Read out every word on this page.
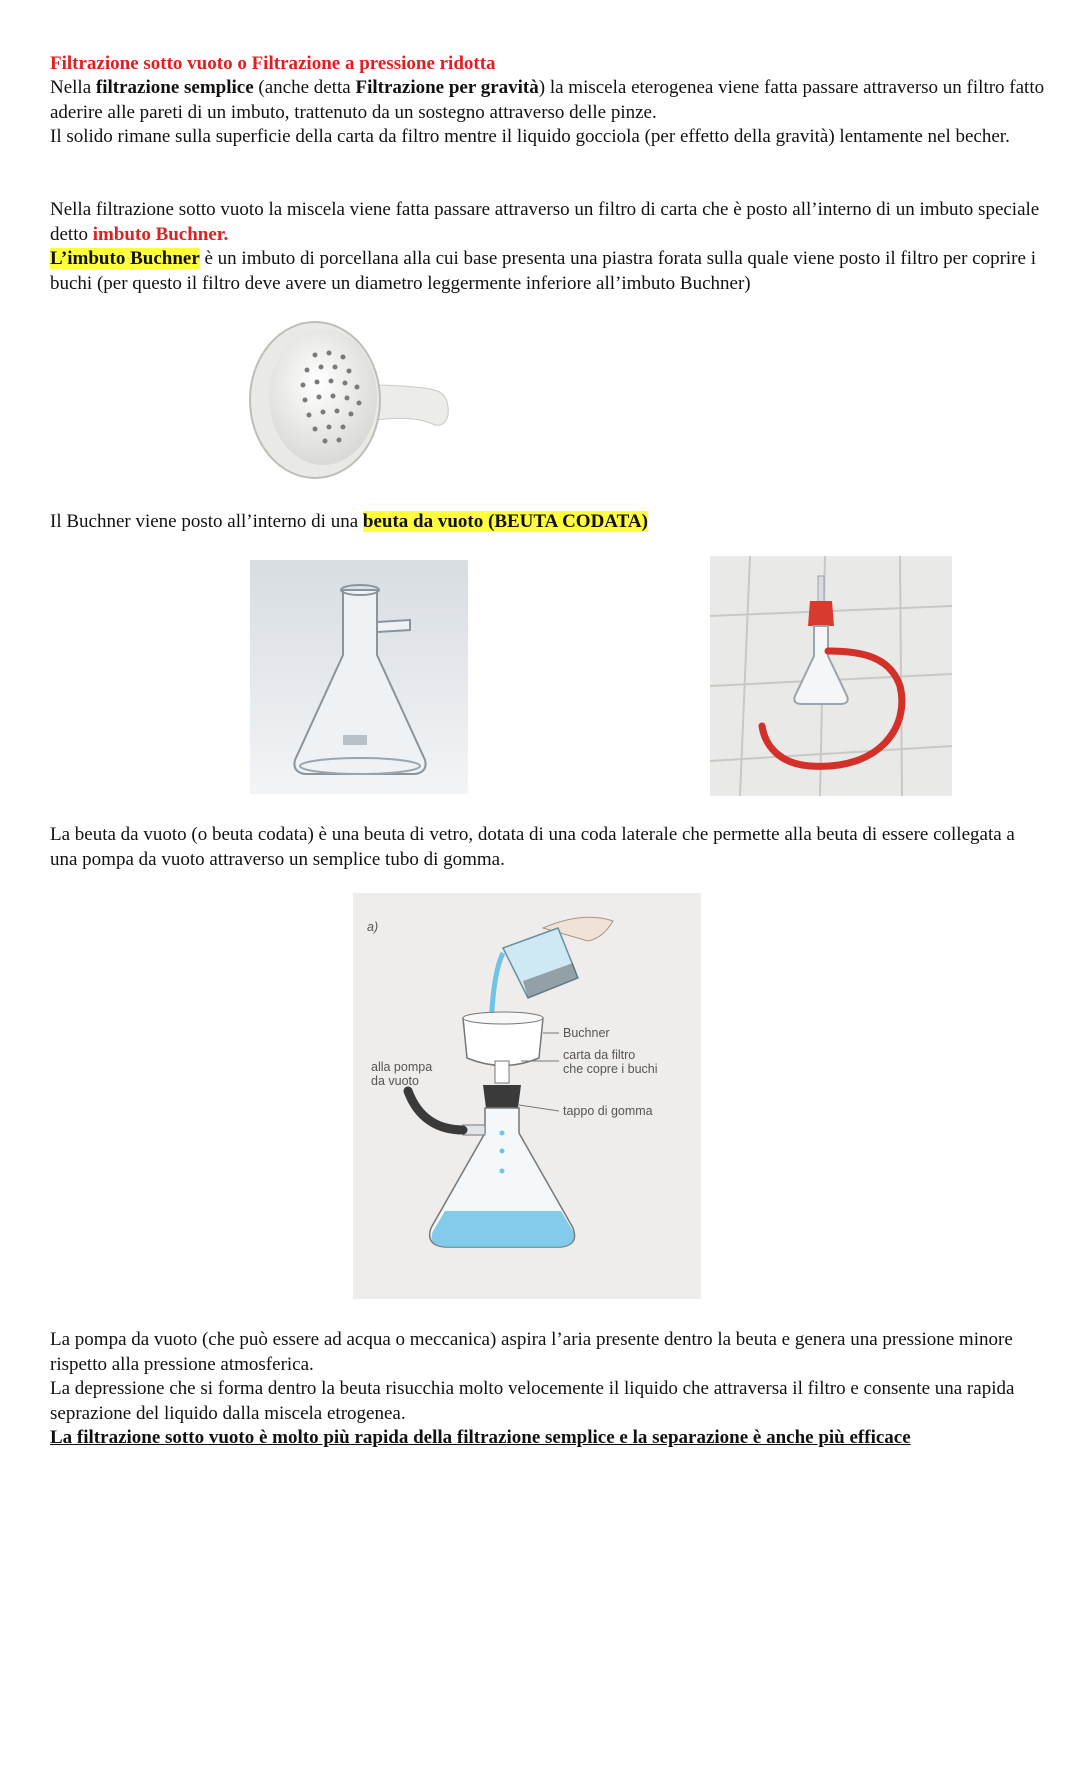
Filtrazione sotto vuoto o Filtrazione a pressione ridotta
Nella filtrazione semplice (anche detta Filtrazione per gravità) la miscela eterogenea viene fatta passare attraverso un filtro fatto aderire alle pareti di un imbuto, trattenuto da un sostegno attraverso delle pinze.
Il solido rimane sulla superficie della carta da filtro mentre il liquido gocciola (per effetto della gravità) lentamente nel becher.
Nella filtrazione sotto vuoto la miscela viene fatta passare attraverso un filtro di carta che è posto all’interno di un imbuto speciale detto imbuto Buchner.
L’imbuto Buchner è un imbuto di porcellana alla cui base presenta una piastra forata sulla quale viene posto il filtro per coprire i buchi (per questo il filtro deve avere un diametro leggermente inferiore all’imbuto Buchner)
Il Buchner viene posto all’interno di una beuta da vuoto (BEUTA CODATA)
La beuta da vuoto (o beuta codata) è una beuta di vetro, dotata di una coda laterale che permette alla beuta di essere collegata a una pompa da vuoto attraverso un semplice tubo di gomma.
a)
Buchner
carta da filtro
che copre i buchi
alla pompa
da vuoto
tappo di gomma
La pompa da vuoto (che può essere ad acqua o meccanica) aspira l’aria presente dentro la beuta e genera una pressione minore rispetto alla pressione atmosferica.
La depressione che si forma dentro la beuta risucchia molto velocemente il liquido che attraversa il filtro e consente una rapida seprazione del liquido dalla miscela etrogenea.
La filtrazione sotto vuoto è molto più rapida della filtrazione semplice e la separazione è anche più efficace
